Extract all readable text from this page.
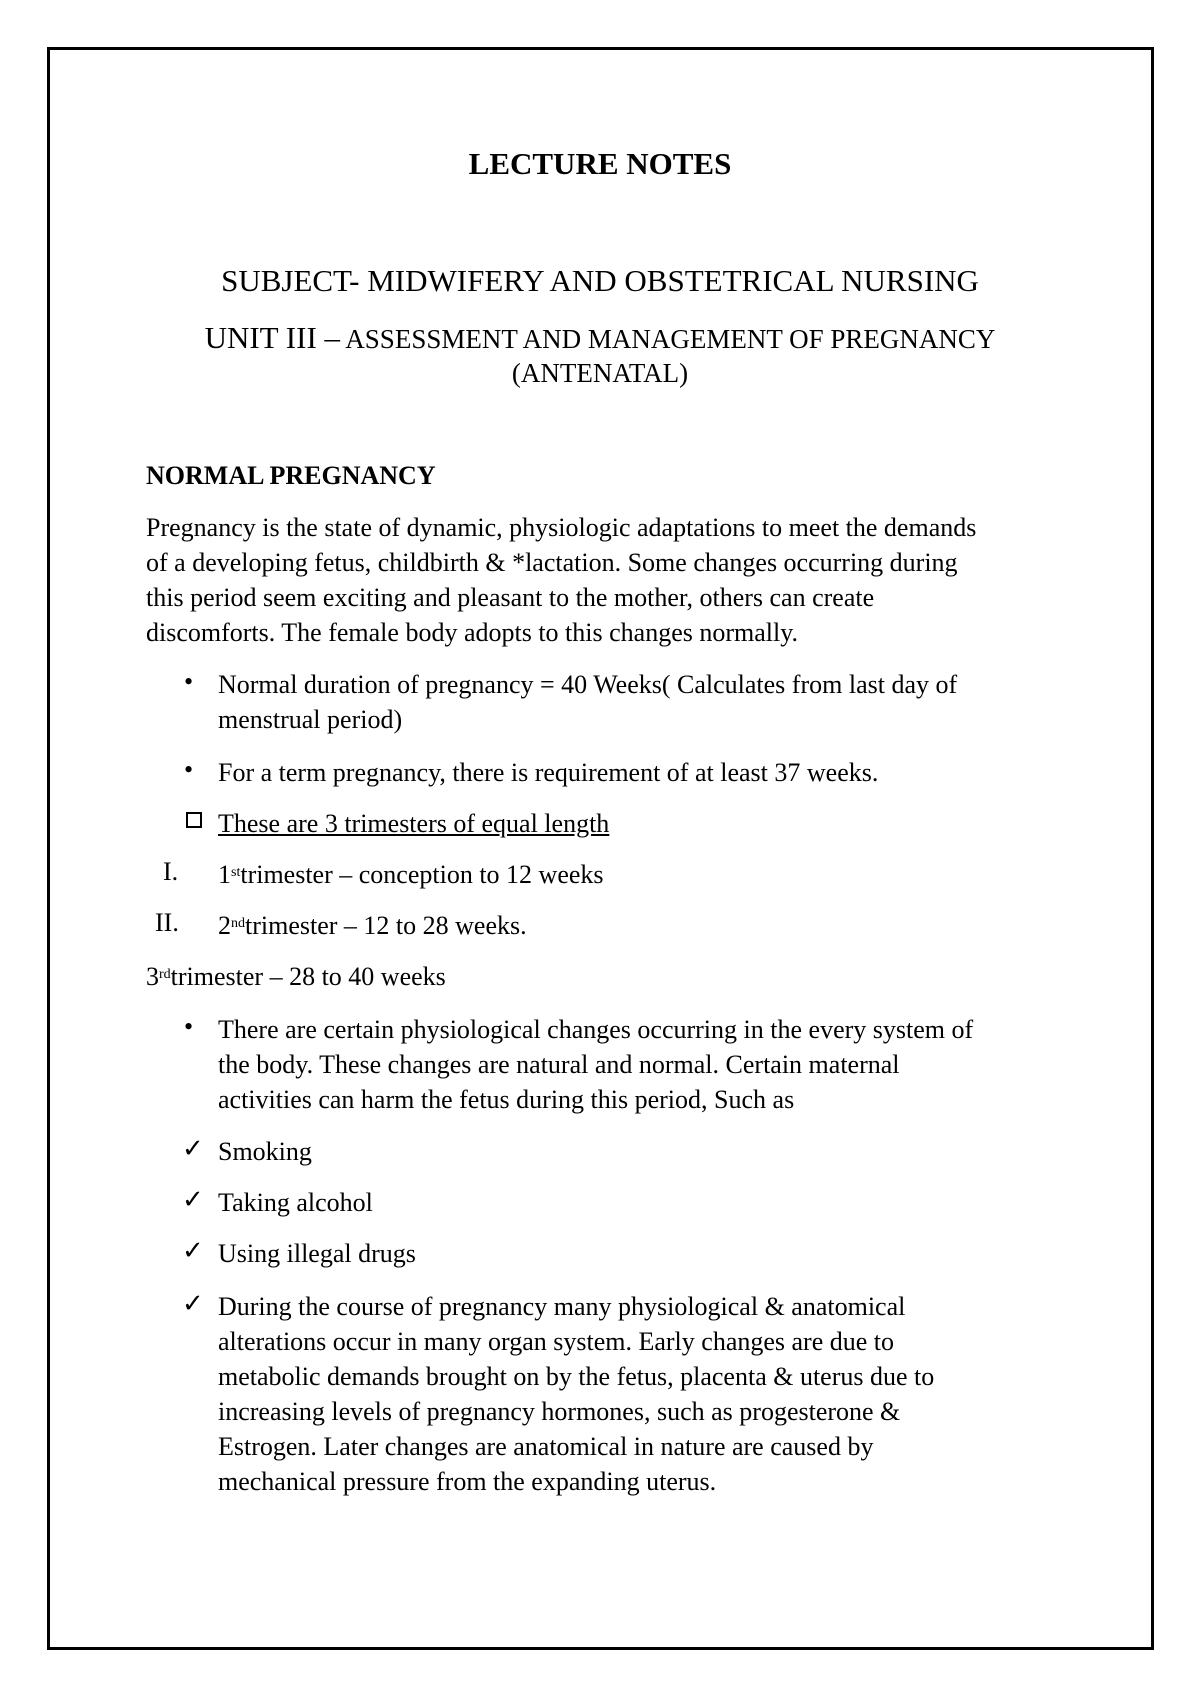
LECTURE NOTES
SUBJECT- MIDWIFERY AND OBSTETRICAL NURSING
UNIT III – ASSESSMENT AND MANAGEMENT OF PREGNANCY
(ANTENATAL)
NORMAL PREGNANCY

Pregnancy is the state of dynamic, physiologic adaptations to meet the demands

of a developing fetus, childbirth & *lactation. Some changes occurring during

this period seem exciting and pleasant to the mother, others can create

discomforts. The female body adopts to this changes normally.

• Normal duration of pregnancy = 40 Weeks( Calculates from last day of
menstrual period)
• For a term pregnancy, there is requirement of at least 37 weeks.
These are 3 trimesters of equal length
I. 1sttrimester – conception to 12 weeks
II. 2ndtrimester – 12 to 28 weeks.
3rdtrimester – 28 to 40 weeks
• There are certain physiological changes occurring in the every system of
the body. These changes are natural and normal. Certain maternal
activities can harm the fetus during this period, Such as
✓ Smoking
✓ Taking alcohol
✓ Using illegal drugs
✓ During the course of pregnancy many physiological & anatomical
alterations occur in many organ system. Early changes are due to
metabolic demands brought on by the fetus, placenta & uterus due to
increasing levels of pregnancy hormones, such as progesterone &
Estrogen. Later changes are anatomical in nature are caused by
mechanical pressure from the expanding uterus.
